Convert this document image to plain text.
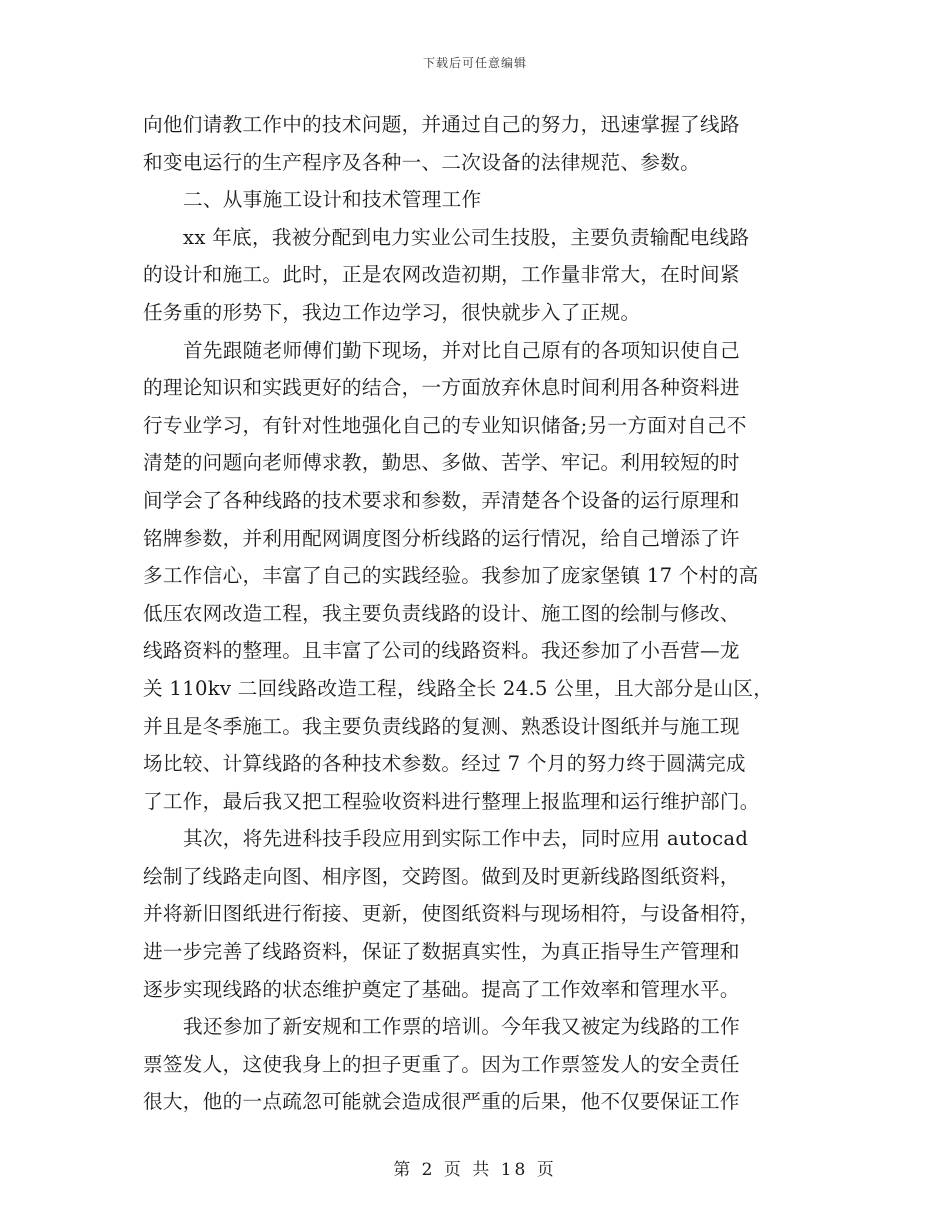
下载后可任意编辑
向他们请教工作中的技术问题，并通过自己的努力，迅速掌握了线路
和变电运行的生产程序及各种一、二次设备的法律规范、参数。
二、从事施工设计和技术管理工作
xx 年底，我被分配到电力实业公司生技股，主要负责输配电线路
的设计和施工。此时，正是农网改造初期，工作量非常大，在时间紧
任务重的形势下，我边工作边学习，很快就步入了正规。
首先跟随老师傅们勤下现场，并对比自己原有的各项知识使自己
的理论知识和实践更好的结合，一方面放弃休息时间利用各种资料进
行专业学习，有针对性地强化自己的专业知识储备;另一方面对自己不
清楚的问题向老师傅求教，勤思、多做、苦学、牢记。利用较短的时
间学会了各种线路的技术要求和参数，弄清楚各个设备的运行原理和
铭牌参数，并利用配网调度图分析线路的运行情况，给自己增添了许
多工作信心，丰富了自己的实践经验。我参加了庞家堡镇 17 个村的高
低压农网改造工程，我主要负责线路的设计、施工图的绘制与修改、
线路资料的整理。且丰富了公司的线路资料。我还参加了小吾营—龙
关 110kv 二回线路改造工程，线路全长 24.5 公里，且大部分是山区，
并且是冬季施工。我主要负责线路的复测、熟悉设计图纸并与施工现
场比较、计算线路的各种技术参数。经过 7 个月的努力终于圆满完成
了工作，最后我又把工程验收资料进行整理上报监理和运行维护部门。
其次，将先进科技手段应用到实际工作中去，同时应用 autocad
绘制了线路走向图、相序图，交跨图。做到及时更新线路图纸资料，
并将新旧图纸进行衔接、更新，使图纸资料与现场相符，与设备相符，
进一步完善了线路资料，保证了数据真实性，为真正指导生产管理和
逐步实现线路的状态维护奠定了基础。提高了工作效率和管理水平。
我还参加了新安规和工作票的培训。今年我又被定为线路的工作
票签发人，这使我身上的担子更重了。因为工作票签发人的安全责任
很大，他的一点疏忽可能就会造成很严重的后果，他不仅要保证工作
第 2 页 共 18 页
